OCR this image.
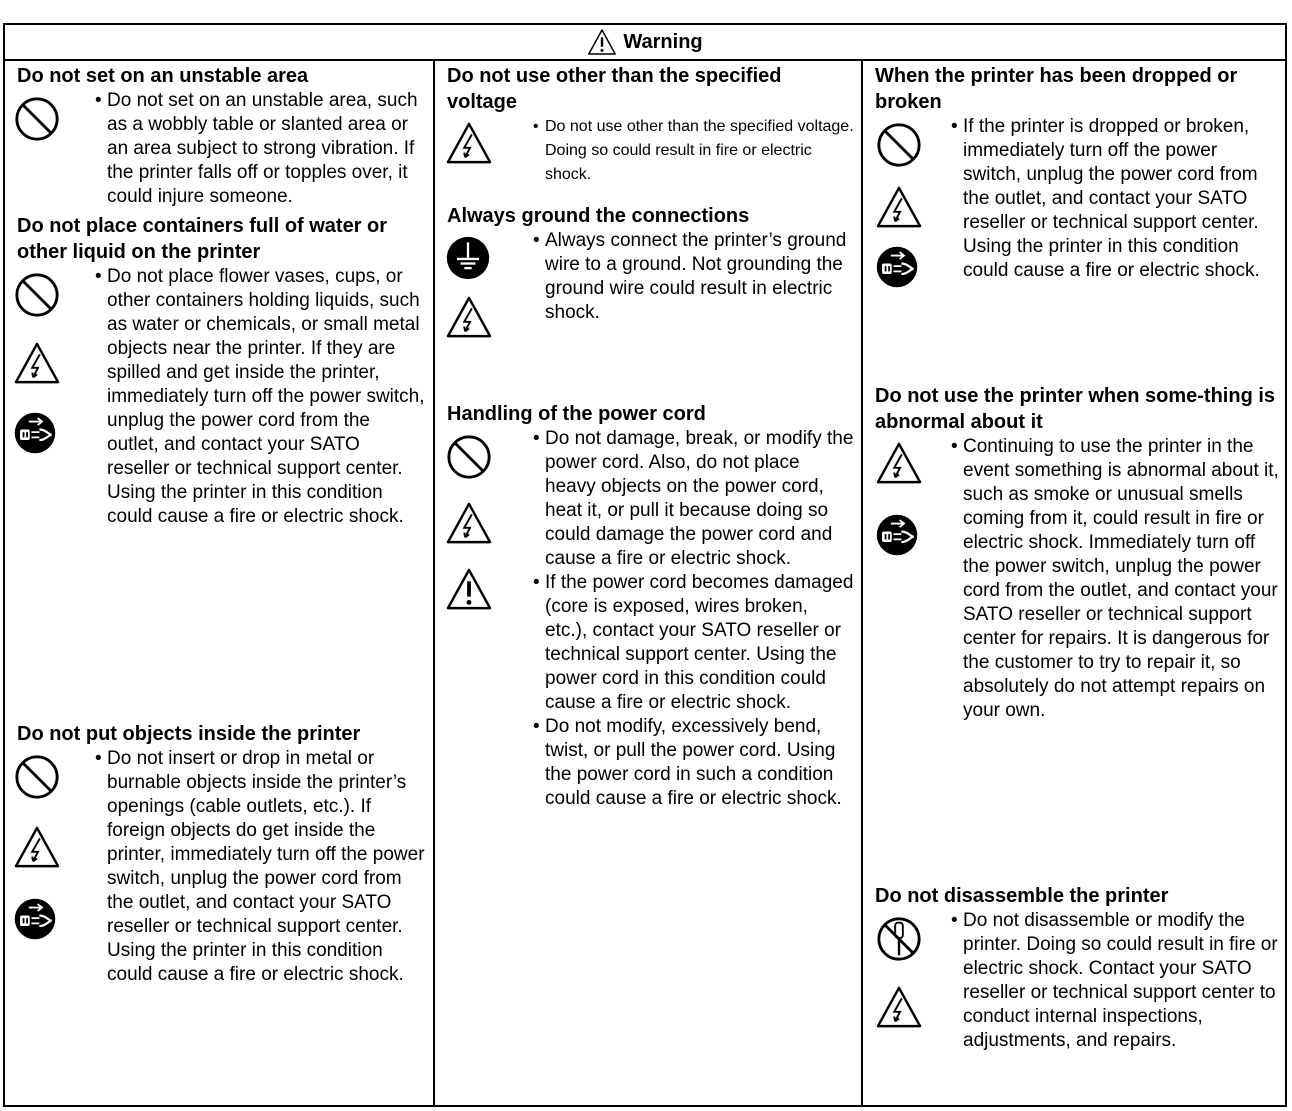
Warning
Do not set on an unstable area
• Do not set on an unstable area, such as a wobbly table or slanted area or an area subject to strong vibration. If the printer falls off or topples over, it could injure someone.
Do not place containers full of water or other liquid on the printer
• Do not place flower vases, cups, or other containers holding liquids, such as water or chemicals, or small metal objects near the printer. If they are spilled and get inside the printer, immediately turn off the power switch, unplug the power cord from the outlet, and contact your SATO reseller or technical support center. Using the printer in this condition could cause a fire or electric shock.
Do not put objects inside the printer
• Do not insert or drop in metal or burnable objects inside the printer’s openings (cable outlets, etc.). If foreign objects do get inside the printer, immediately turn off the power switch, unplug the power cord from the outlet, and contact your SATO reseller or technical support center. Using the printer in this condition could cause a fire or electric shock.
Do not use other than the specified voltage
• Do not use other than the specified voltage. Doing so could result in fire or electric shock.
Always ground the connections
• Always connect the printer’s ground wire to a ground. Not grounding the ground wire could result in electric shock.
Handling of the power cord
• Do not damage, break, or modify the power cord. Also, do not place heavy objects on the power cord, heat it, or pull it because doing so could damage the power cord and cause a fire or electric shock.
• If the power cord becomes damaged (core is exposed, wires broken, etc.), contact your SATO reseller or technical support center. Using the power cord in this condition could cause a fire or electric shock.
• Do not modify, excessively bend, twist, or pull the power cord. Using the power cord in such a condition could cause a fire or electric shock.
When the printer has been dropped or broken
• If the printer is dropped or broken, immediately turn off the power switch, unplug the power cord from the outlet, and contact your SATO reseller or technical support center. Using the printer in this condition could cause a fire or electric shock.
Do not use the printer when some-thing is abnormal about it
• Continuing to use the printer in the event something is abnormal about it, such as smoke or unusual smells coming from it, could result in fire or electric shock. Immediately turn off the power switch, unplug the power cord from the outlet, and contact your SATO reseller or technical support center for repairs. It is dangerous for the customer to try to repair it, so absolutely do not attempt repairs on your own.
Do not disassemble the printer
• Do not disassemble or modify the printer. Doing so could result in fire or electric shock. Contact your SATO reseller or technical support center to conduct internal inspections, adjustments, and repairs.
